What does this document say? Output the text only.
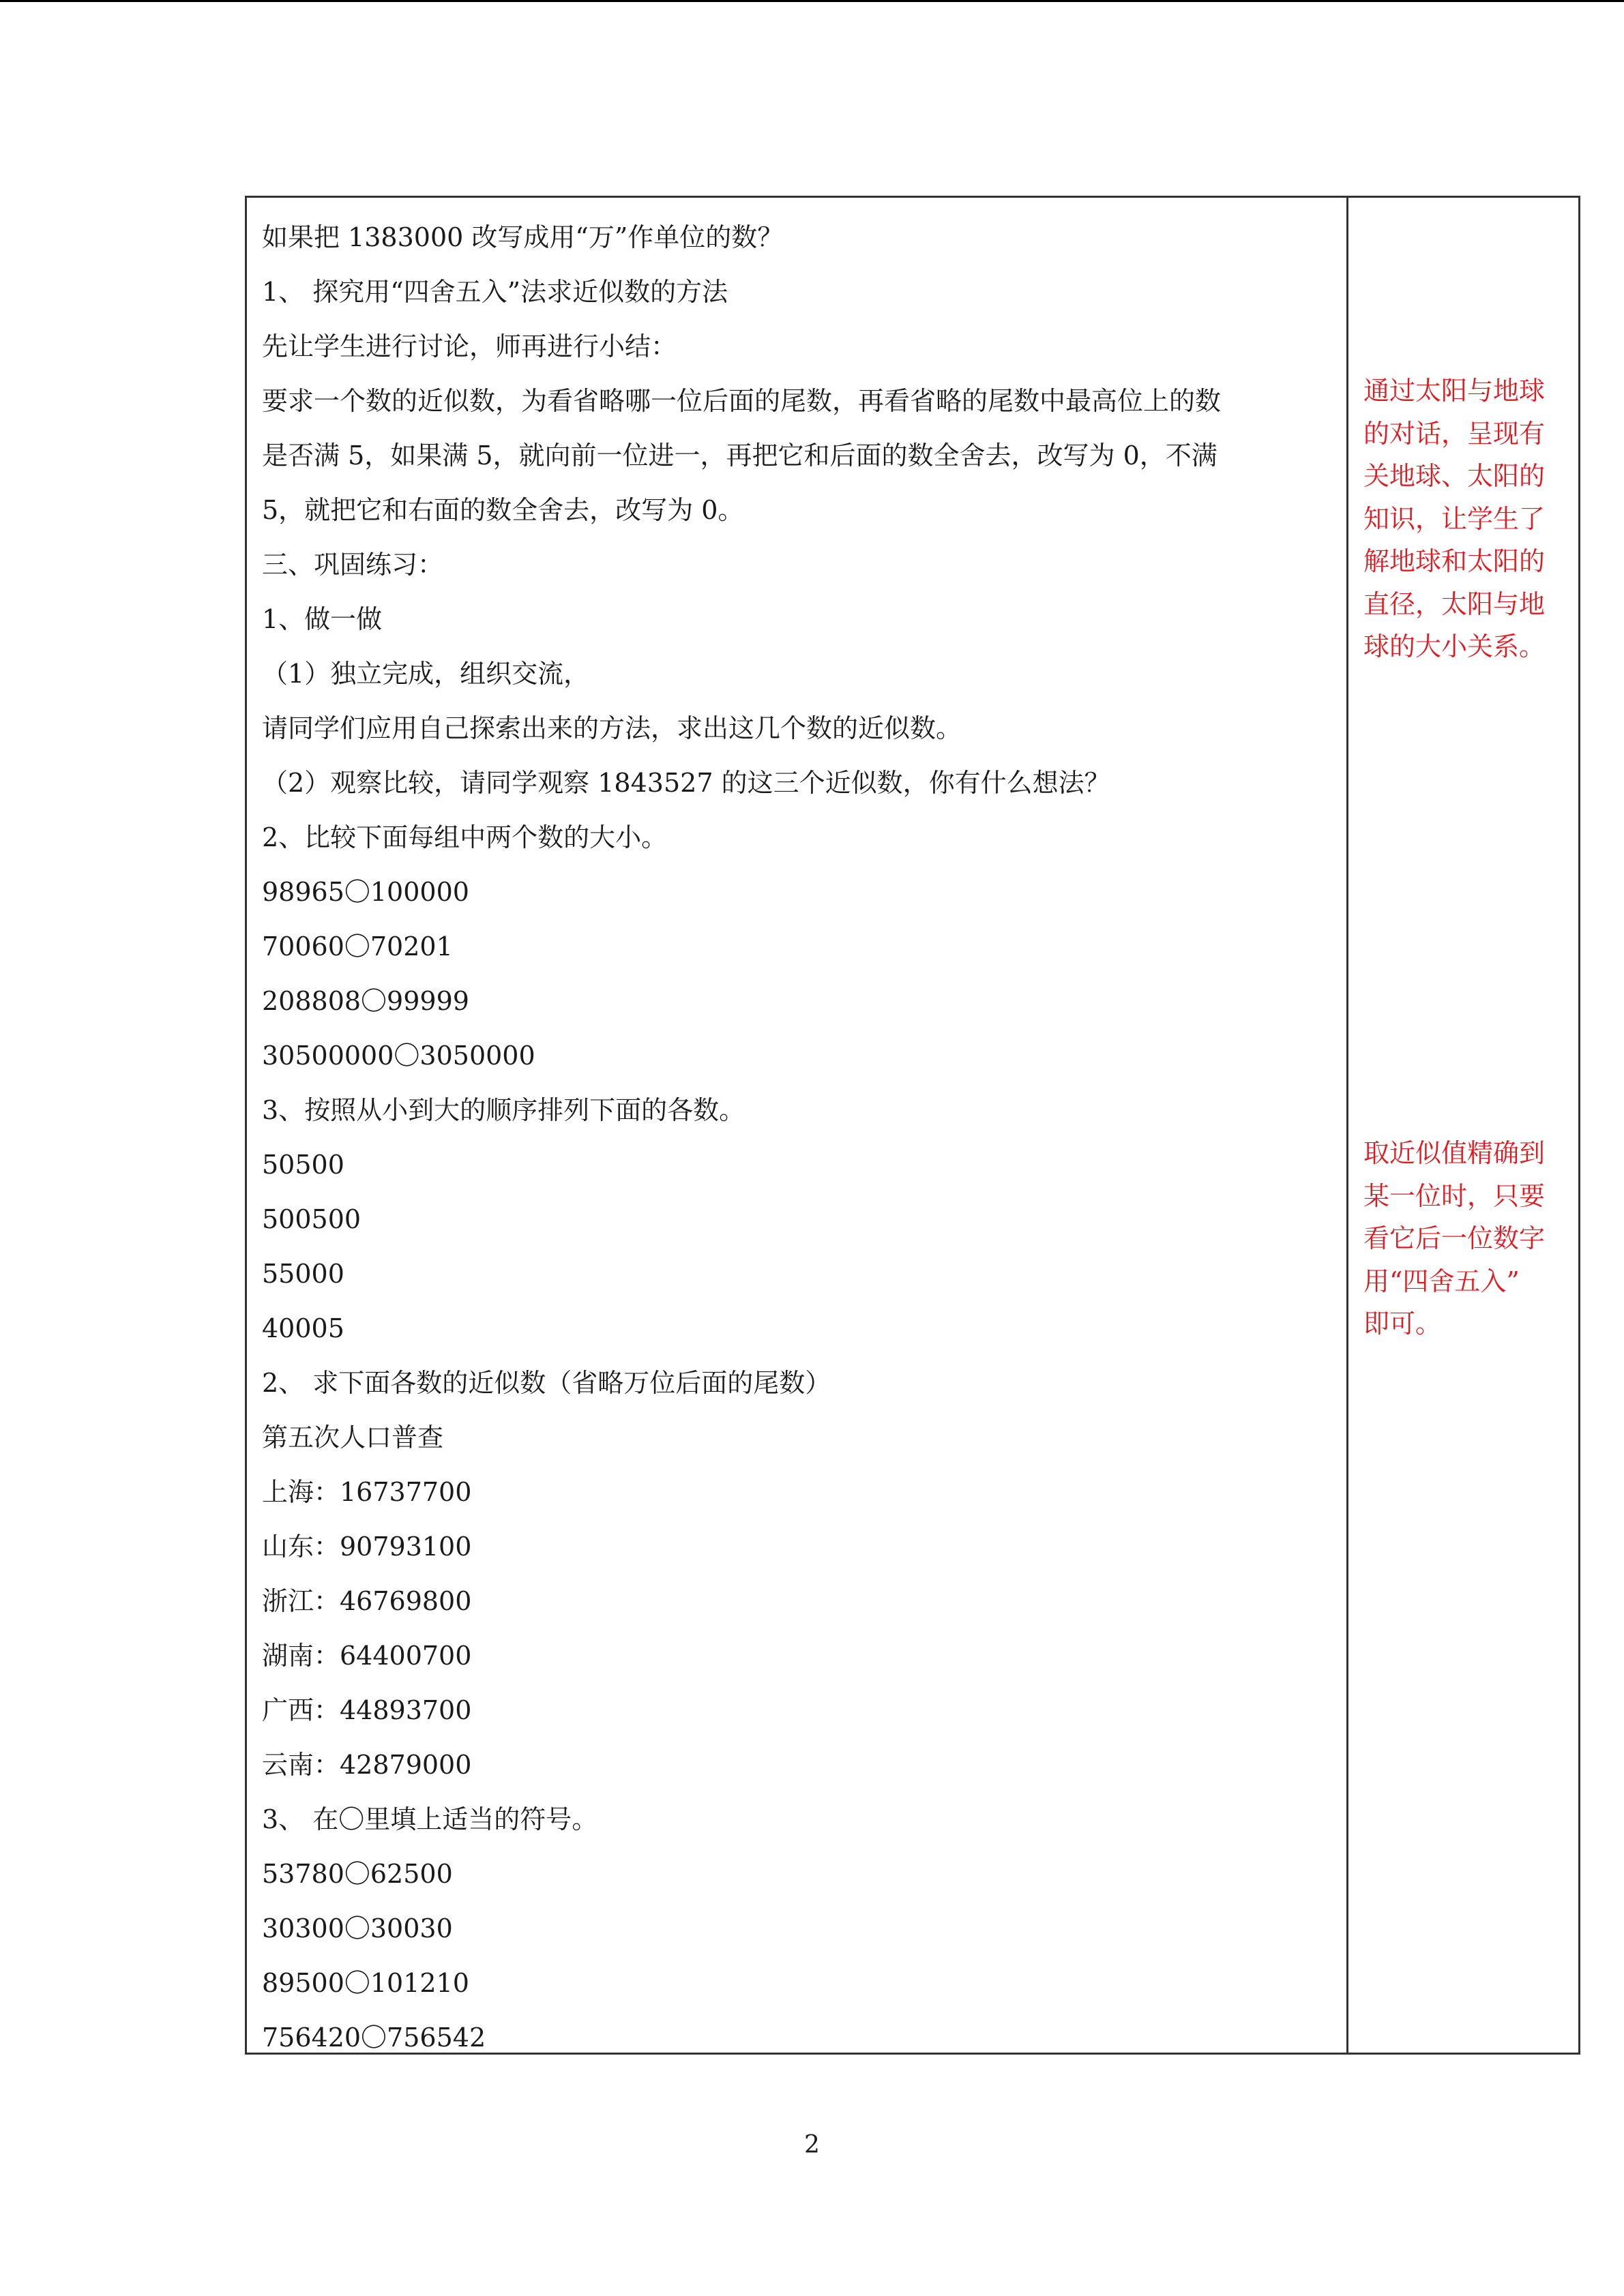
如果把 1383000 改写成用“万”作单位的数？
1、 探究用“四舍五入”法求近似数的方法
先让学生进行讨论，师再进行小结：
要求一个数的近似数，为看省略哪一位后面的尾数，再看省略的尾数中最高位上的数
是否满 5，如果满 5，就向前一位进一，再把它和后面的数全舍去，改写为 0，不满
5，就把它和右面的数全舍去，改写为 0。
三、巩固练习：
1、做一做
（1）独立完成，组织交流，
请同学们应用自己探索出来的方法，求出这几个数的近似数。
（2）观察比较，请同学观察 1843527 的这三个近似数，你有什么想法？
2、比较下面每组中两个数的大小。
98965〇100000
70060〇70201
208808〇99999
30500000〇3050000
3、按照从小到大的顺序排列下面的各数。
50500
500500
55000
40005
2、 求下面各数的近似数（省略万位后面的尾数）
第五次人口普查
上海：16737700
山东：90793100
浙江：46769800
湖南：64400700
广西：44893700
云南：42879000
3、 在〇里填上适当的符号。
53780〇62500
30300〇30030
89500〇101210
756420〇756542
通过太阳与地球
的对话，呈现有
关地球、太阳的
知识，让学生了
解地球和太阳的
直径，太阳与地
球的大小关系。
取近似值精确到
某一位时，只要
看它后一位数字
用“四舍五入”
即可。
2
